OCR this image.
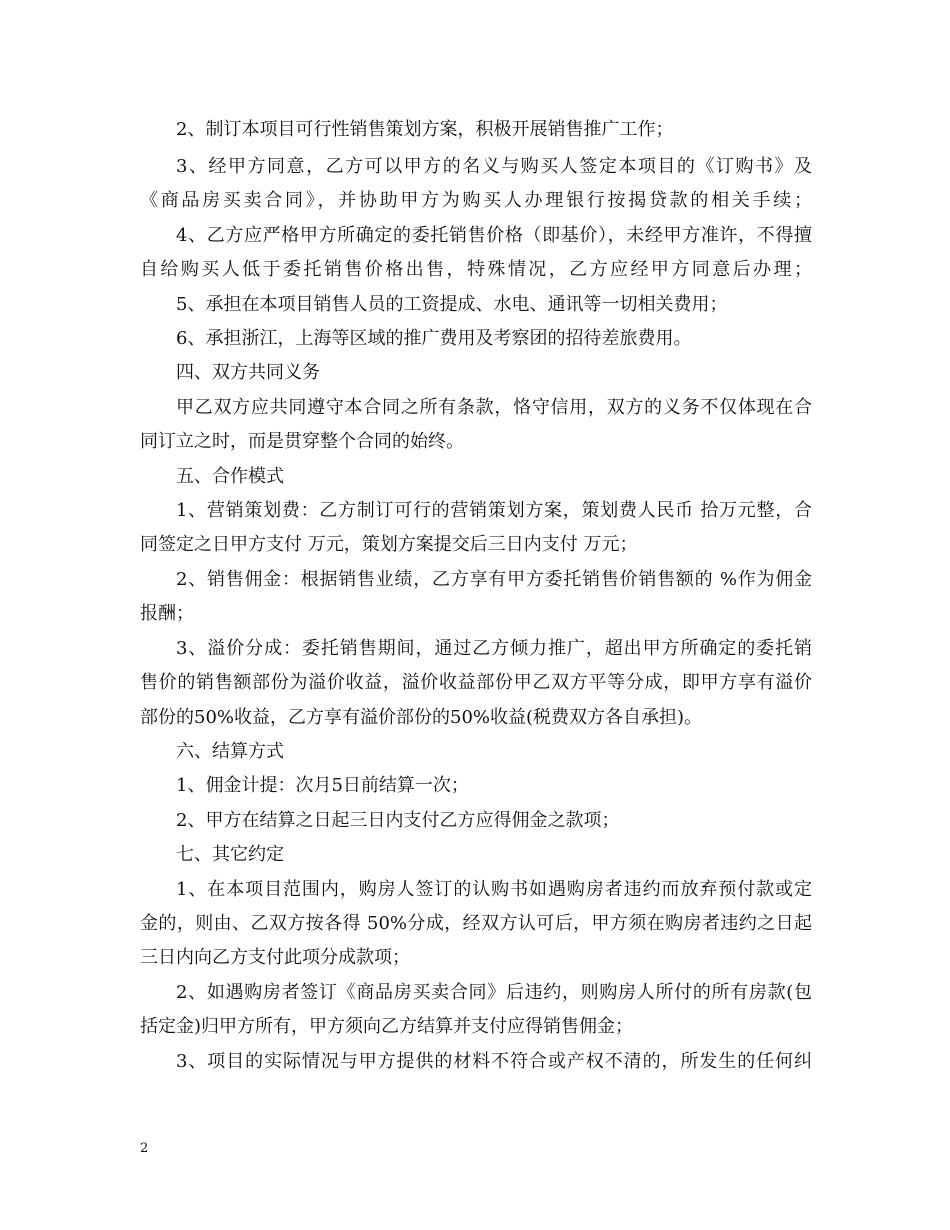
2、制订本项目可行性销售策划方案，积极开展销售推广工作；
3、经甲方同意，乙方可以甲方的名义与购买人签定本项目的《订购书》及
《商品房买卖合同》，并协助甲方为购买人办理银行按揭贷款的相关手续；
4、乙方应严格甲方所确定的委托销售价格（即基价），未经甲方准许，不得擅
自给购买人低于委托销售价格出售，特殊情况，乙方应经甲方同意后办理；
5、承担在本项目销售人员的工资提成、水电、通讯等一切相关费用；
6、承担浙江，上海等区域的推广费用及考察团的招待差旅费用。
四、双方共同义务
甲乙双方应共同遵守本合同之所有条款，恪守信用，双方的义务不仅体现在合
同订立之时，而是贯穿整个合同的始终。
五、合作模式
1、营销策划费：乙方制订可行的营销策划方案，策划费人民币 拾万元整，合
同签定之日甲方支付 万元，策划方案提交后三日内支付 万元；
2、销售佣金：根据销售业绩，乙方享有甲方委托销售价销售额的 %作为佣金
报酬；
3、溢价分成：委托销售期间，通过乙方倾力推广，超出甲方所确定的委托销
售价的销售额部份为溢价收益，溢价收益部份甲乙双方平等分成，即甲方享有溢价
部份的50%收益，乙方享有溢价部份的50%收益(税费双方各自承担)。
六、结算方式
1、佣金计提：次月5日前结算一次；
2、甲方在结算之日起三日内支付乙方应得佣金之款项；
七、其它约定
1、在本项目范围内，购房人签订的认购书如遇购房者违约而放弃预付款或定
金的，则由、乙双方按各得 50%分成，经双方认可后，甲方须在购房者违约之日起
三日内向乙方支付此项分成款项；
2、如遇购房者签订《商品房买卖合同》后违约，则购房人所付的所有房款(包
括定金)归甲方所有，甲方须向乙方结算并支付应得销售佣金；
3、项目的实际情况与甲方提供的材料不符合或产权不清的，所发生的任何纠
2
